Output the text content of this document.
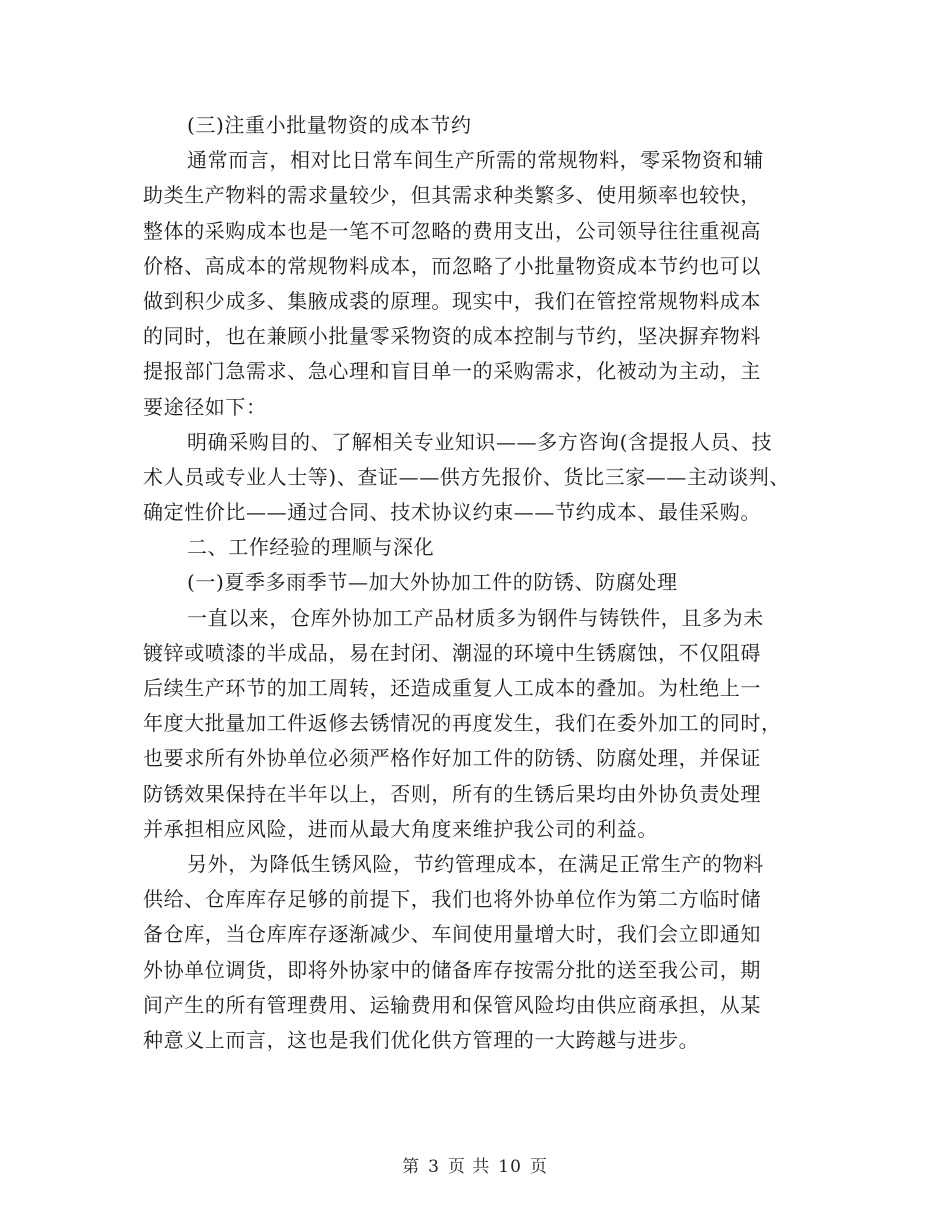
(三)注重小批量物资的成本节约
通常而言，相对比日常车间生产所需的常规物料，零采物资和辅
助类生产物料的需求量较少，但其需求种类繁多、使用频率也较快，
整体的采购成本也是一笔不可忽略的费用支出，公司领导往往重视高
价格、高成本的常规物料成本，而忽略了小批量物资成本节约也可以
做到积少成多、集腋成裘的原理。现实中，我们在管控常规物料成本
的同时，也在兼顾小批量零采物资的成本控制与节约，坚决摒弃物料
提报部门急需求、急心理和盲目单一的采购需求，化被动为主动，主
要途径如下：
明确采购目的、了解相关专业知识——多方咨询(含提报人员、技
术人员或专业人士等)、查证——供方先报价、货比三家——主动谈判、
确定性价比——通过合同、技术协议约束——节约成本、最佳采购。
二、工作经验的理顺与深化
(一)夏季多雨季节—加大外协加工件的防锈、防腐处理
一直以来，仓库外协加工产品材质多为钢件与铸铁件，且多为未
镀锌或喷漆的半成品，易在封闭、潮湿的环境中生锈腐蚀，不仅阻碍
后续生产环节的加工周转，还造成重复人工成本的叠加。为杜绝上一
年度大批量加工件返修去锈情况的再度发生，我们在委外加工的同时，
也要求所有外协单位必须严格作好加工件的防锈、防腐处理，并保证
防锈效果保持在半年以上，否则，所有的生锈后果均由外协负责处理
并承担相应风险，进而从最大角度来维护我公司的利益。
另外，为降低生锈风险，节约管理成本，在满足正常生产的物料
供给、仓库库存足够的前提下，我们也将外协单位作为第二方临时储
备仓库，当仓库库存逐渐减少、车间使用量增大时，我们会立即通知
外协单位调货，即将外协家中的储备库存按需分批的送至我公司，期
间产生的所有管理费用、运输费用和保管风险均由供应商承担，从某
种意义上而言，这也是我们优化供方管理的一大跨越与进步。
第 3 页 共 10 页
